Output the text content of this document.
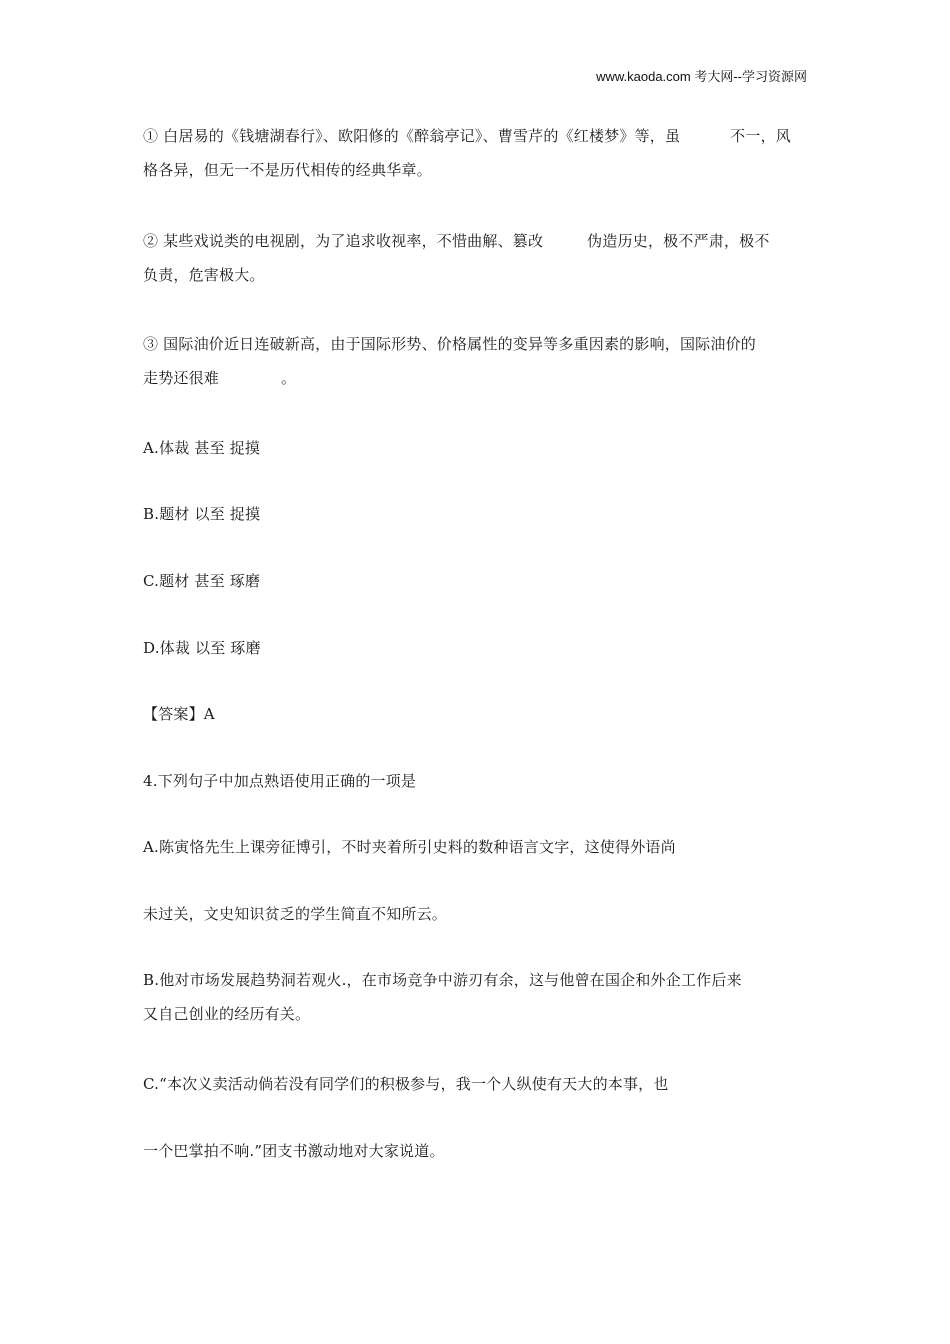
www.kaoda.com 考大网--学习资源网
① 白居易的《钱塘湖春行》、欧阳修的《醉翁亭记》、曹雪芹的《红楼梦》等，虽	不一，风
格各异，但无一不是历代相传的经典华章。
② 某些戏说类的电视剧，为了追求收视率，不惜曲解、篡改	伪造历史，极不严肃，极不
负责，危害极大。
③ 国际油价近日连破新高，由于国际形势、价格属性的变异等多重因素的影响，国际油价的
走势还很难	。
A.体裁 甚至 捉摸
B.题材 以至 捉摸
C.题材 甚至 琢磨
D.体裁 以至 琢磨
【答案】A
4.下列句子中加点熟语使用正确的一项是
A.陈寅恪先生上课旁征博引，不时夹着所引史料的数种语言文字，这使得外语尚
未过关，文史知识贫乏的学生简直不知所云。
B.他对市场发展趋势洞若观火.，在市场竞争中游刃有余，这与他曾在国企和外企工作后来
又自己创业的经历有关。
C.“本次义卖活动倘若没有同学们的积极参与，我一个人纵使有天大的本事，也
一个巴掌拍不响.”团支书激动地对大家说道。
